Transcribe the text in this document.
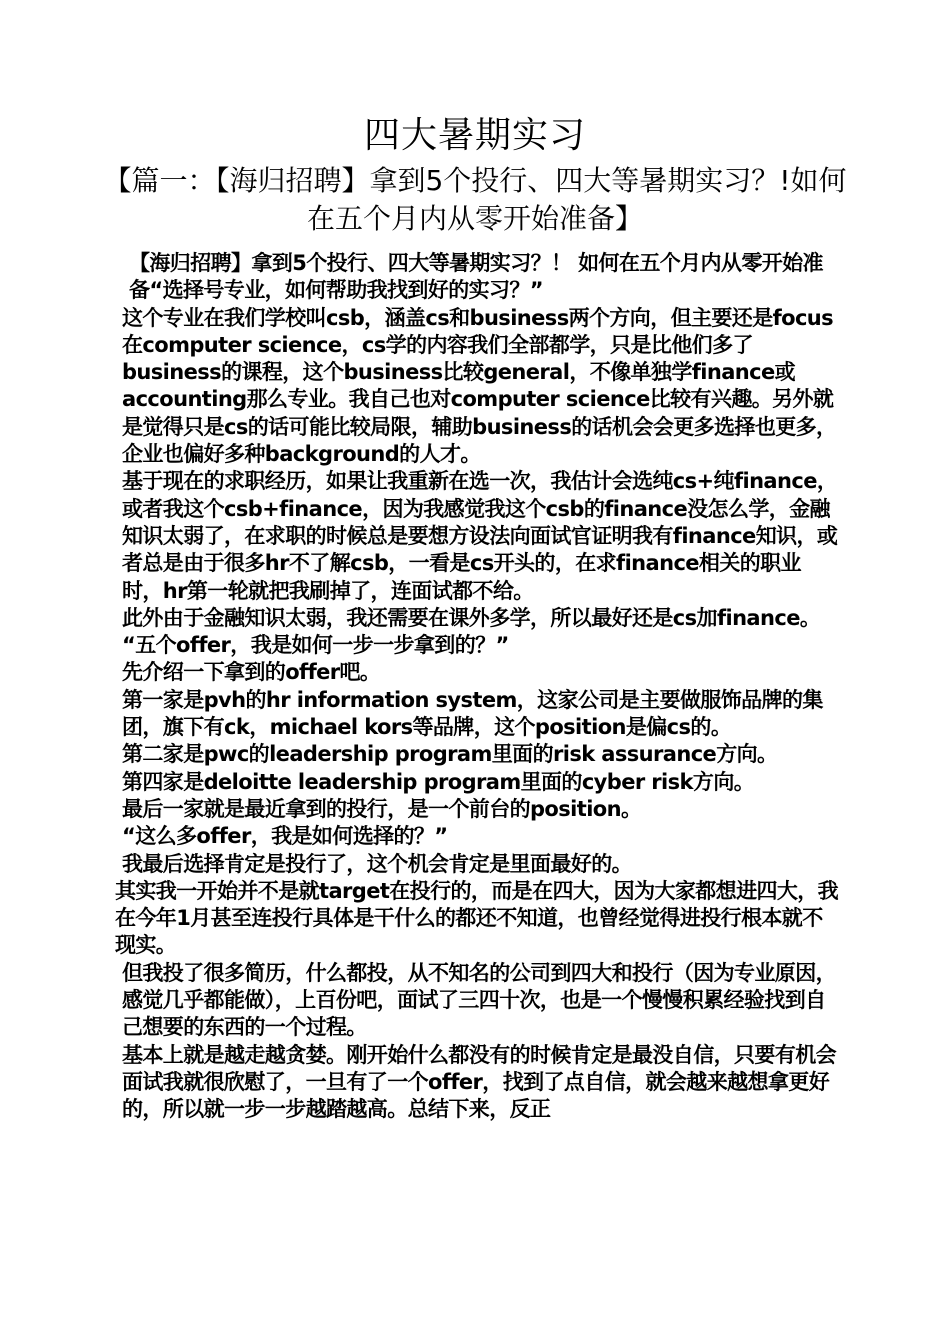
四大暑期实习
【篇一：【海归招聘】拿到5个投行、四大等暑期实习？!如何在五个月内从零开始准备】

【海归招聘】拿到5个投行、四大等暑期实习？！ 如何在五个月内从零开始准备“选择号专业，如何帮助我找到好的实习？”

这个专业在我们学校叫csb，涵盖cs和business两个方向，但主要还是focus在computer science，cs学的内容我们全部都学，只是比他们多了business的课程，这个business比较general，不像单独学finance或accounting那么专业。我自己也对computer science比较有兴趣。另外就是觉得只是cs的话可能比较局限，辅助business的话机会会更多选择也更多，企业也偏好多种background的人才。

基于现在的求职经历，如果让我重新在选一次，我估计会选纯cs+纯finance，或者我这个csb+finance，因为我感觉我这个csb的finance没怎么学，金融知识太弱了，在求职的时候总是要想方设法向面试官证明我有finance知识，或者总是由于很多hr不了解csb，一看是cs开头的，在求finance相关的职业时，hr第一轮就把我刷掉了，连面试都不给。

此外由于金融知识太弱，我还需要在课外多学，所以最好还是cs加finance。

“五个offer，我是如何一步一步拿到的？”

先介绍一下拿到的offer吧。

第一家是pvh的hr information system，这家公司是主要做服饰品牌的集团，旗下有ck，michael kors等品牌，这个position是偏cs的。

第二家是pwc的leadership program里面的risk assurance方向。

第四家是deloitte leadership program里面的cyber risk方向。

最后一家就是最近拿到的投行，是一个前台的position。

“这么多offer，我是如何选择的？”

我最后选择肯定是投行了，这个机会肯定是里面最好的。

其实我一开始并不是就target在投行的，而是在四大，因为大家都想进四大，我在今年1月甚至连投行具体是干什么的都还不知道，也曾经觉得进投行根本就不现实。

但我投了很多简历，什么都投，从不知名的公司到四大和投行（因为专业原因，感觉几乎都能做），上百份吧，面试了三四十次，也是一个慢慢积累经验找到自己想要的东西的一个过程。

基本上就是越走越贪婪。刚开始什么都没有的时候肯定是最没自信，只要有机会面试我就很欣慰了，一旦有了一个offer，找到了点自信，就会越来越想拿更好的，所以就一步一步越踏越高。总结下来，反正
